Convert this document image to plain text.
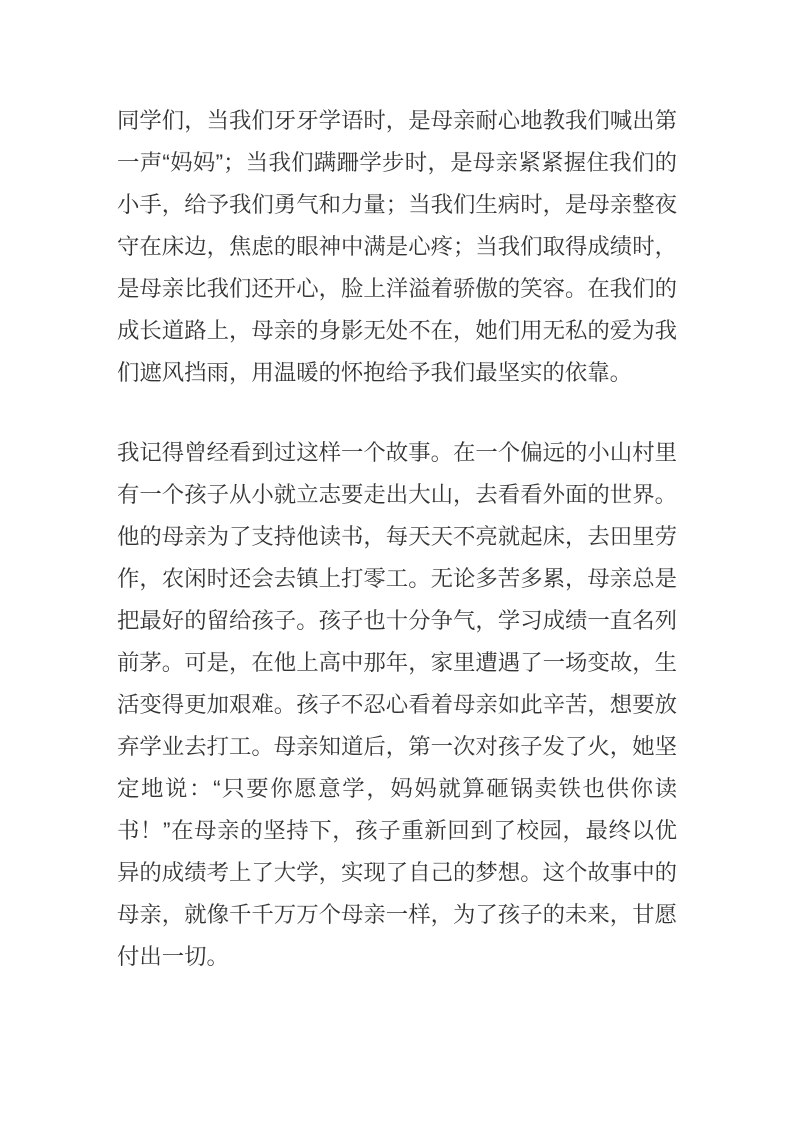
同学们，当我们牙牙学语时，是母亲耐心地教我们喊出第一声“妈妈”；当我们蹒跚学步时，是母亲紧紧握住我们的小手，给予我们勇气和力量；当我们生病时，是母亲整夜守在床边，焦虑的眼神中满是心疼；当我们取得成绩时，是母亲比我们还开心，脸上洋溢着骄傲的笑容。在我们的成长道路上，母亲的身影无处不在，她们用无私的爱为我们遮风挡雨，用温暖的怀抱给予我们最坚实的依靠。

我记得曾经看到过这样一个故事。在一个偏远的小山村里有一个孩子从小就立志要走出大山，去看看外面的世界。他的母亲为了支持他读书，每天天不亮就起床，去田里劳作，农闲时还会去镇上打零工。无论多苦多累，母亲总是把最好的留给孩子。孩子也十分争气，学习成绩一直名列前茅。可是，在他上高中那年，家里遭遇了一场变故，生活变得更加艰难。孩子不忍心看着母亲如此辛苦，想要放弃学业去打工。母亲知道后，第一次对孩子发了火，她坚定地说：“只要你愿意学，妈妈就算砸锅卖铁也供你读书！”在母亲的坚持下，孩子重新回到了校园，最终以优异的成绩考上了大学，实现了自己的梦想。这个故事中的母亲，就像千千万万个母亲一样，为了孩子的未来，甘愿付出一切。
